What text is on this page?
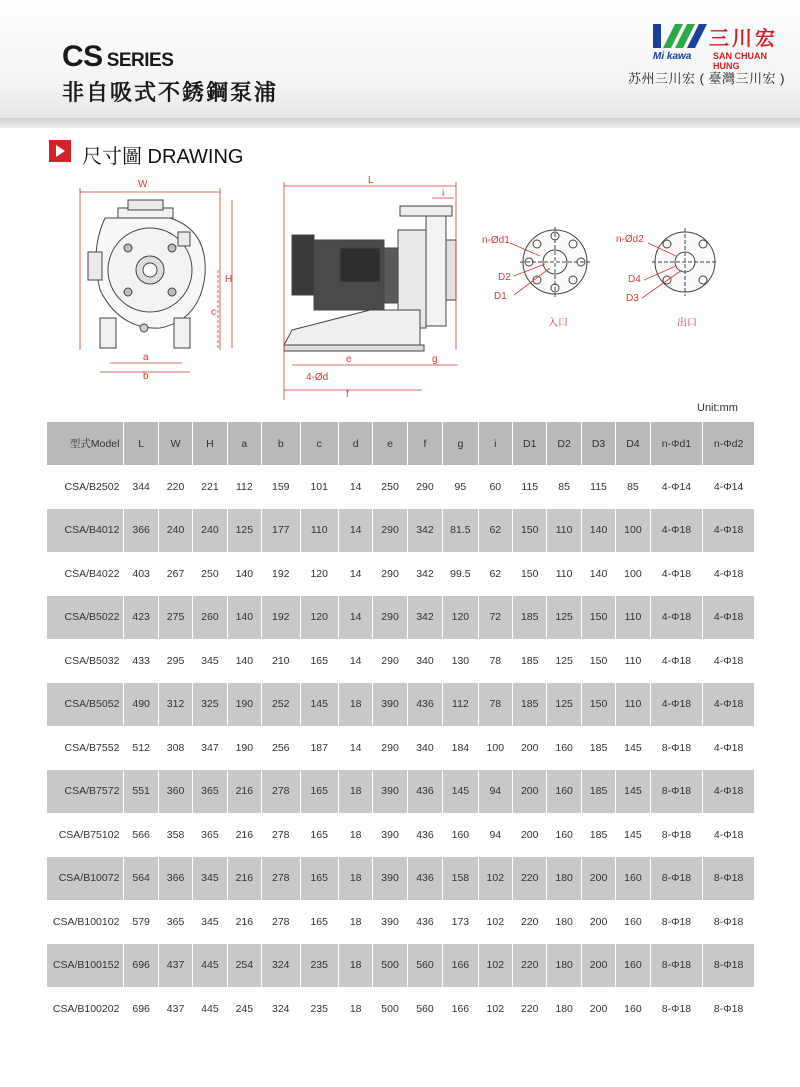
CS SERIES
非自吸式不銹鋼泵浦
Mi kawa
三川宏
SAN CHUAN HUNG
苏州三川宏 ( 臺灣三川宏 )
尺寸圖 DRAWING
W
H
c
a
b
L
i
e	g
4-Ød
f
n-Ød1
D2
D1
入口
n-Ød2
D4
D3
出口
Unit:mm
型式Model	L	W	H	a	b	c	d	e	f	g	i	D1	D2	D3	D4	n-Φd1	n-Φd2
CSA/B2502	344	220	221	112	159	101	14	250	290	95	60	115	85	115	85	4-Φ14	4-Φ14
CSA/B4012	366	240	240	125	177	110	14	290	342	81.5	62	150	110	140	100	4-Φ18	4-Φ18
CSA/B4022	403	267	250	140	192	120	14	290	342	99.5	62	150	110	140	100	4-Φ18	4-Φ18
CSA/B5022	423	275	260	140	192	120	14	290	342	120	72	185	125	150	110	4-Φ18	4-Φ18
CSA/B5032	433	295	345	140	210	165	14	290	340	130	78	185	125	150	110	4-Φ18	4-Φ18
CSA/B5052	490	312	325	190	252	145	18	390	436	112	78	185	125	150	110	4-Φ18	4-Φ18
CSA/B7552	512	308	347	190	256	187	14	290	340	184	100	200	160	185	145	8-Φ18	4-Φ18
CSA/B7572	551	360	365	216	278	165	18	390	436	145	94	200	160	185	145	8-Φ18	4-Φ18
CSA/B75102	566	358	365	216	278	165	18	390	436	160	94	200	160	185	145	8-Φ18	4-Φ18
CSA/B10072	564	366	345	216	278	165	18	390	436	158	102	220	180	200	160	8-Φ18	8-Φ18
CSA/B100102	579	365	345	216	278	165	18	390	436	173	102	220	180	200	160	8-Φ18	8-Φ18
CSA/B100152	696	437	445	254	324	235	18	500	560	166	102	220	180	200	160	8-Φ18	8-Φ18
CSA/B100202	696	437	445	245	324	235	18	500	560	166	102	220	180	200	160	8-Φ18	8-Φ18
